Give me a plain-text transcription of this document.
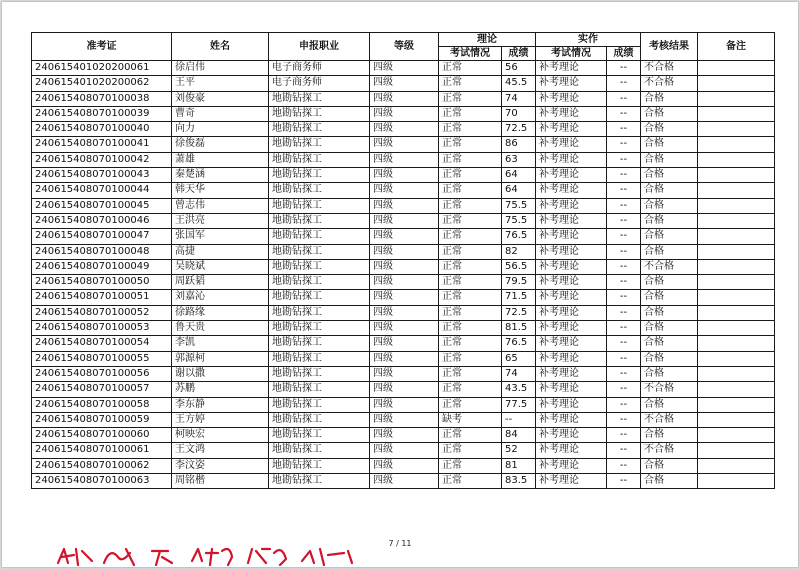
准考证	姓名	申报职业	等级	理论		实作		考核结果	备注
				考试情况	成绩	考试情况	成绩		
240615401020200061	徐启伟	电子商务师	四级	正常	56	补考理论	--	不合格	
240615401020200062	王平	电子商务师	四级	正常	45.5	补考理论	--	不合格	
240615408070100038	刘俊豪	地勘钻探工	四级	正常	74	补考理论	--	合格	
240615408070100039	曹奇	地勘钻探工	四级	正常	70	补考理论	--	合格	
240615408070100040	向力	地勘钻探工	四级	正常	72.5	补考理论	--	合格	
240615408070100041	徐俊磊	地勘钻探工	四级	正常	86	补考理论	--	合格	
240615408070100042	萧雄	地勘钻探工	四级	正常	63	补考理论	--	合格	
240615408070100043	秦楚涵	地勘钻探工	四级	正常	64	补考理论	--	合格	
240615408070100044	韩天华	地勘钻探工	四级	正常	64	补考理论	--	合格	
240615408070100045	曾志伟	地勘钻探工	四级	正常	75.5	补考理论	--	合格	
240615408070100046	王洪亮	地勘钻探工	四级	正常	75.5	补考理论	--	合格	
240615408070100047	张国军	地勘钻探工	四级	正常	76.5	补考理论	--	合格	
240615408070100048	高捷	地勘钻探工	四级	正常	82	补考理论	--	合格	
240615408070100049	吴晓斌	地勘钻探工	四级	正常	56.5	补考理论	--	不合格	
240615408070100050	周跃韬	地勘钻探工	四级	正常	79.5	补考理论	--	合格	
240615408070100051	刘嘉沁	地勘钻探工	四级	正常	71.5	补考理论	--	合格	
240615408070100052	徐路缘	地勘钻探工	四级	正常	72.5	补考理论	--	合格	
240615408070100053	鲁天贵	地勘钻探工	四级	正常	81.5	补考理论	--	合格	
240615408070100054	李凯	地勘钻探工	四级	正常	76.5	补考理论	--	合格	
240615408070100055	郭源柯	地勘钻探工	四级	正常	65	补考理论	--	合格	
240615408070100056	谢以撒	地勘钻探工	四级	正常	74	补考理论	--	合格	
240615408070100057	苏鹏	地勘钻探工	四级	正常	43.5	补考理论	--	不合格	
240615408070100058	李东静	地勘钻探工	四级	正常	77.5	补考理论	--	合格	
240615408070100059	王方婷	地勘钻探工	四级	缺考	--	补考理论	--	不合格	
240615408070100060	柯映宏	地勘钻探工	四级	正常	84	补考理论	--	合格	
240615408070100061	王文鸿	地勘钻探工	四级	正常	52	补考理论	--	不合格	
240615408070100062	李汶姿	地勘钻探工	四级	正常	81	补考理论	--	合格	
240615408070100063	周铭楷	地勘钻探工	四级	正常	83.5	补考理论	--	合格	
7 / 11
